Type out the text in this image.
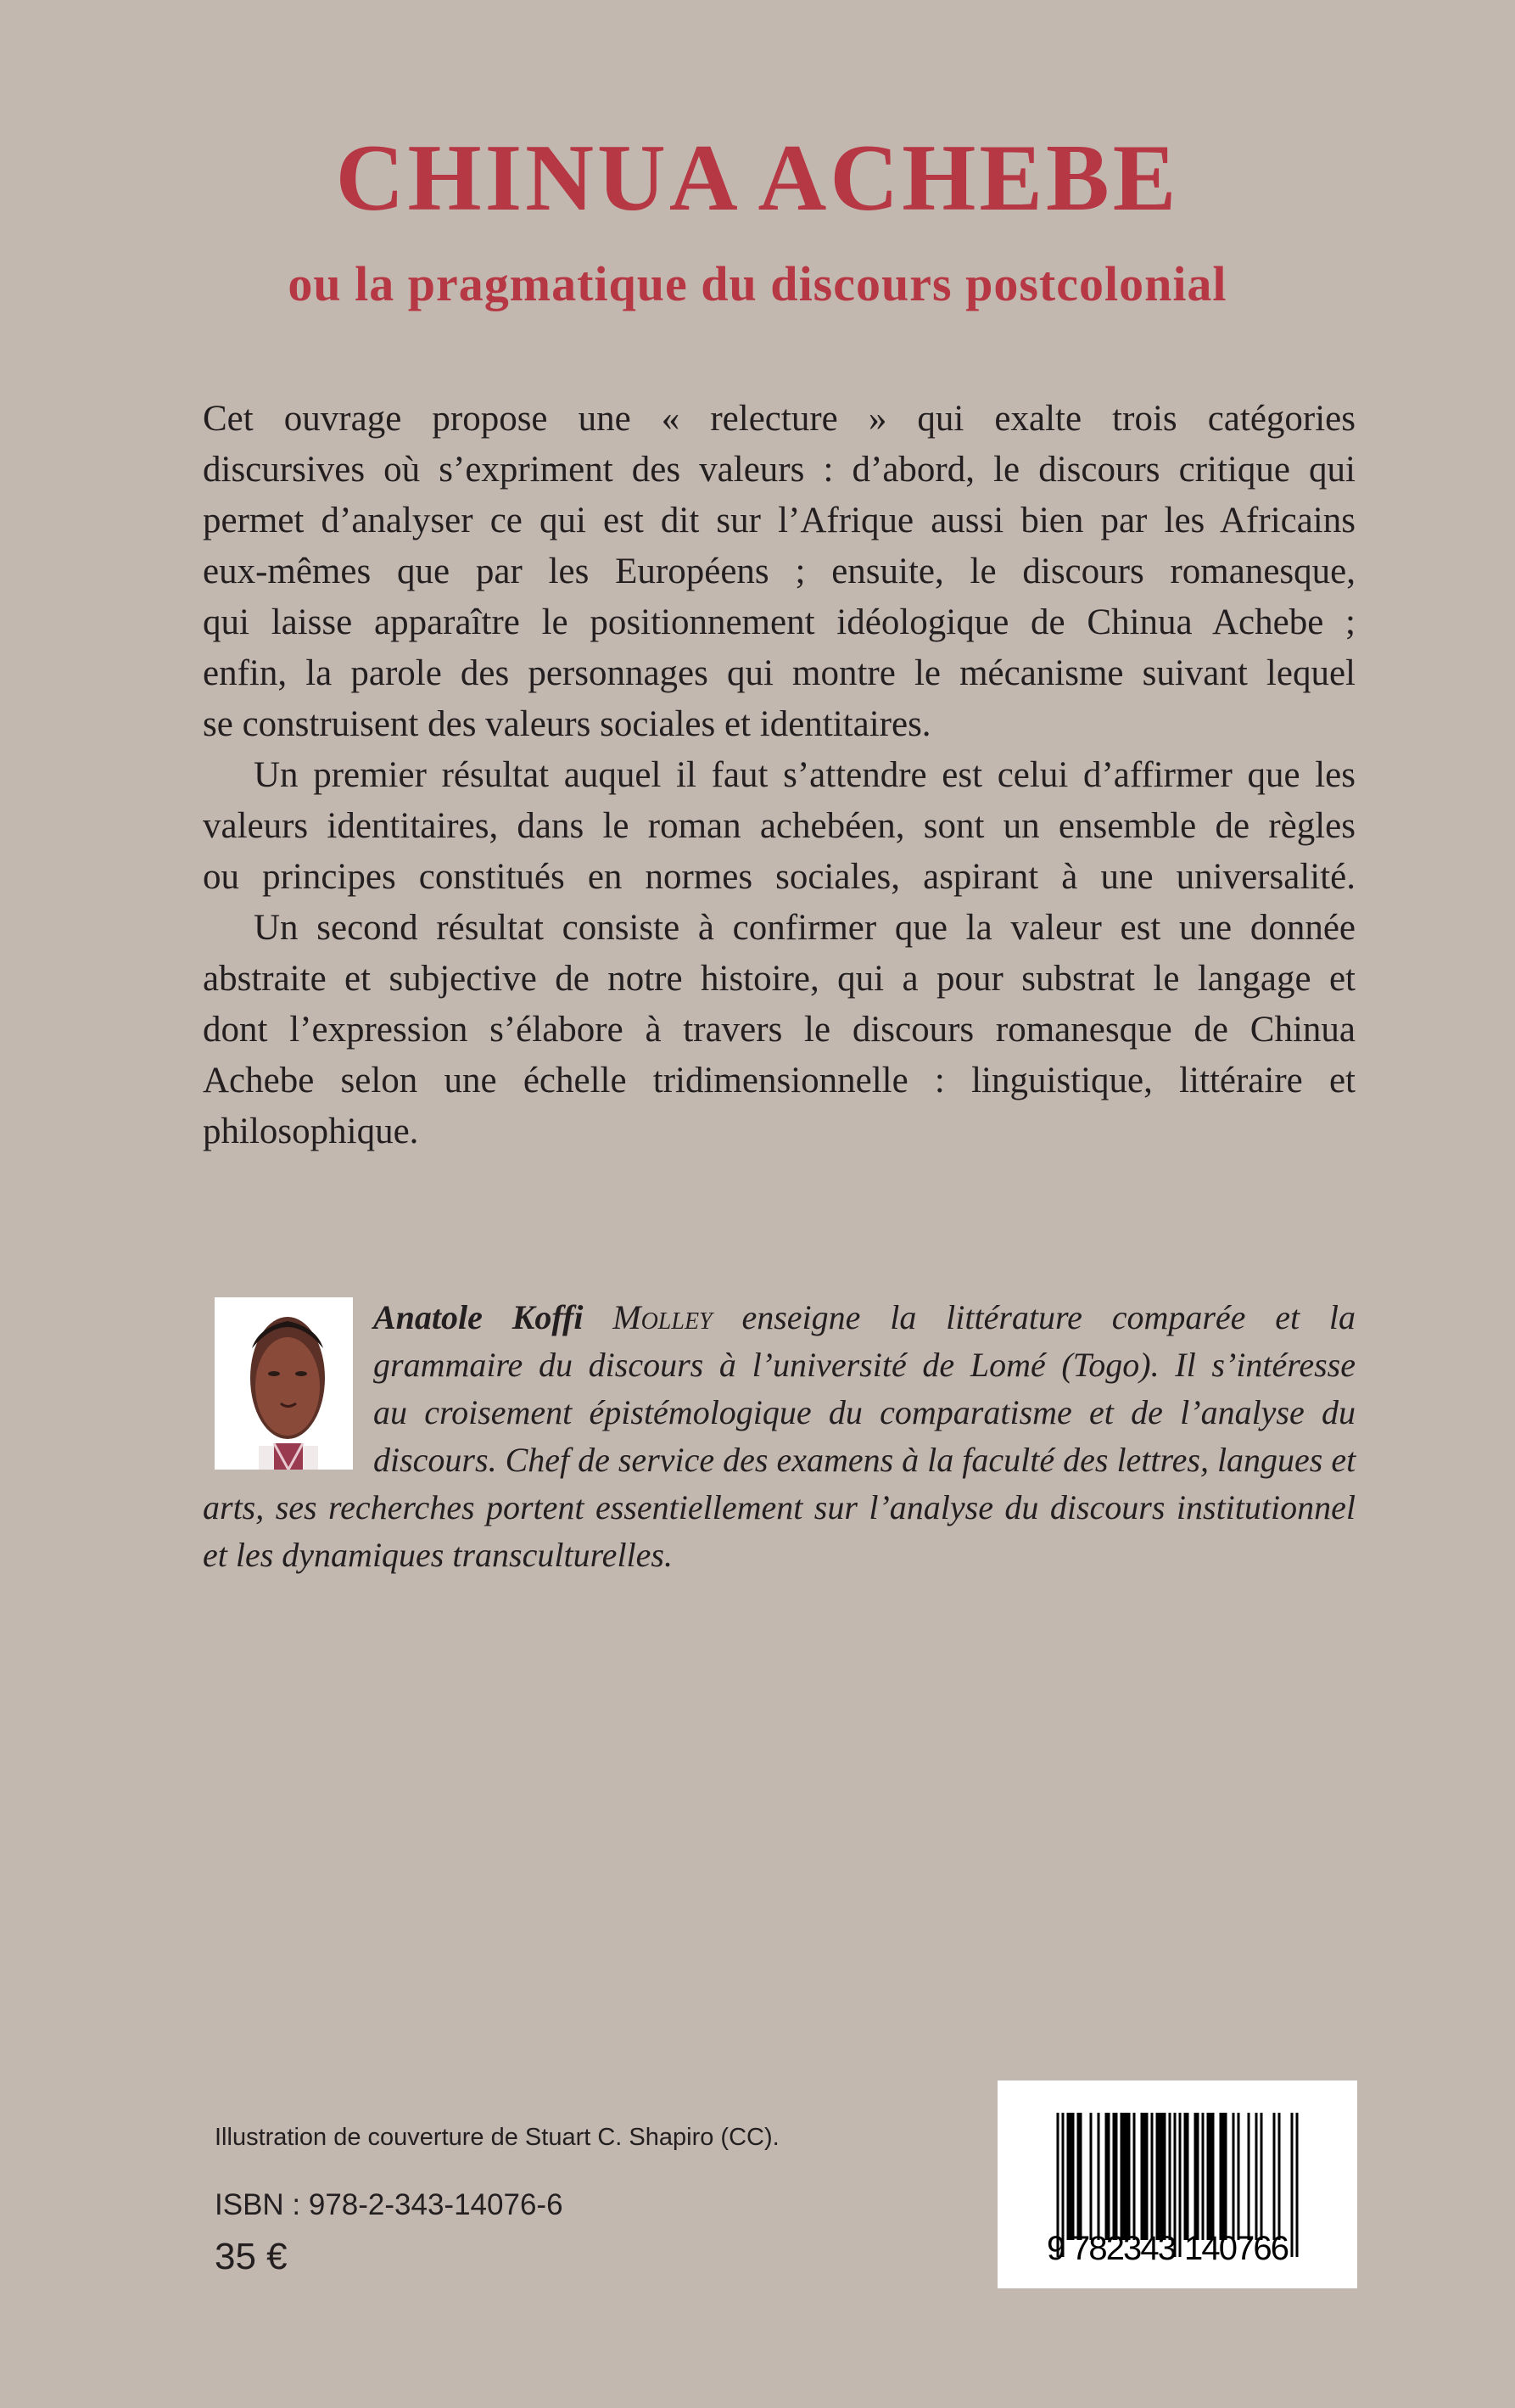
CHINUA ACHEBE
ou la pragmatique du discours postcolonial
Cet ouvrage propose une « relecture » qui exalte trois catégories
discursives où s’expriment des valeurs : d’abord, le discours critique qui
permet d’analyser ce qui est dit sur l’Afrique aussi bien par les Africains
eux-mêmes que par les Européens ; ensuite, le discours romanesque,
qui laisse apparaître le positionnement idéologique de Chinua Achebe ;
enfin, la parole des personnages qui montre le mécanisme suivant lequel
se construisent des valeurs sociales et identitaires.
Un premier résultat auquel il faut s’attendre est celui d’affirmer que les
valeurs identitaires, dans le roman achebéen, sont un ensemble de règles
ou principes constitués en normes sociales, aspirant à une universalité.
Un second résultat consiste à confirmer que la valeur est une donnée
abstraite et subjective de notre histoire, qui a pour substrat le langage et
dont l’expression s’élabore à travers le discours romanesque de Chinua
Achebe selon une échelle tridimensionnelle : linguistique, littéraire et
philosophique.
Anatole Koffi Molley enseigne la littérature comparée et la
grammaire du discours à l’université de Lomé (Togo). Il s’intéresse
au croisement épistémologique du comparatisme et de l’analyse du
discours. Chef de service des examens à la faculté des lettres, langues et
arts, ses recherches portent essentiellement sur l’analyse du discours institutionnel
et les dynamiques transculturelles.
Illustration de couverture de Stuart C. Shapiro (CC).
ISBN : 978-2-343-14076-6
35 €	9 782343 140766
